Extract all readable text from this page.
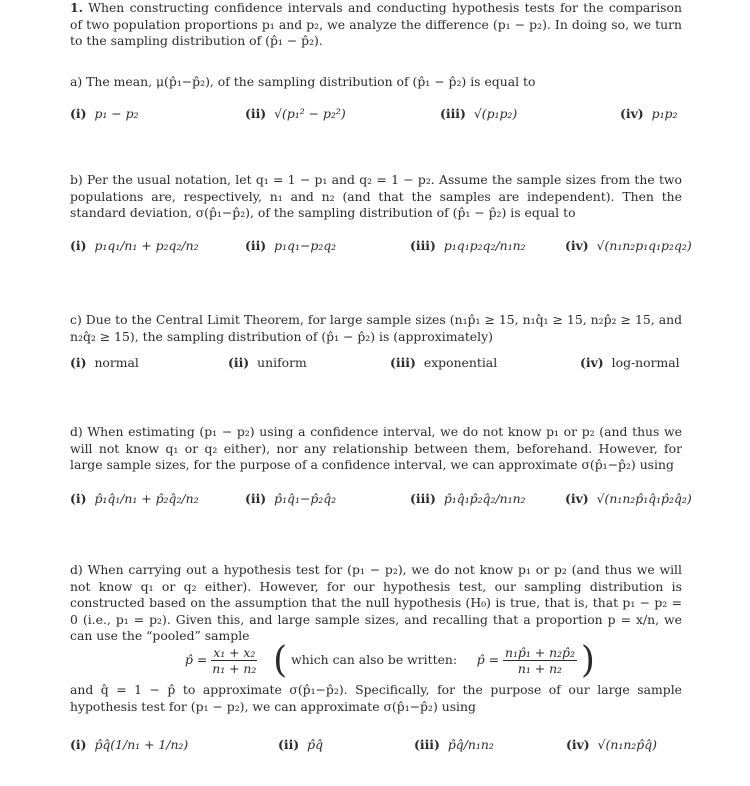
1. When constructing confidence intervals and conducting hypothesis tests for the comparison of two population proportions p₁ and p₂, we analyze the difference (p₁ − p₂). In doing so, we turn to the sampling distribution of (p̂₁ − p̂₂).
a) The mean, μ(p̂₁−p̂₂), of the sampling distribution of (p̂₁ − p̂₂) is equal to
(i) p₁ − p₂	(ii) √(p₁² − p₂²)	(iii) √(p₁p₂)	(iv) p₁p₂
b) Per the usual notation, let q₁ = 1 − p₁ and q₂ = 1 − p₂. Assume the sample sizes from the two populations are, respectively, n₁ and n₂ (and that the samples are independent). Then the standard deviation, σ(p̂₁−p̂₂), of the sampling distribution of (p̂₁ − p̂₂) is equal to
(i) p₁q₁/n₁ + p₂q₂/n₂	(ii) p₁q₁−p₂q₂	(iii) p₁q₁p₂q₂/n₁n₂	(iv) √(n₁n₂p₁q₁p₂q₂)
c) Due to the Central Limit Theorem, for large sample sizes (n₁p̂₁ ≥ 15, n₁q̂₁ ≥ 15, n₂p̂₂ ≥ 15, and n₂q̂₂ ≥ 15), the sampling distribution of (p̂₁ − p̂₂) is (approximately)
(i) normal	(ii) uniform	(iii) exponential	(iv) log-normal
d) When estimating (p₁ − p₂) using a confidence interval, we do not know p₁ or p₂ (and thus we will not know q₁ or q₂ either), nor any relationship between them, beforehand. However, for large sample sizes, for the purpose of a confidence interval, we can approximate σ(p̂₁−p̂₂) using
(i) p̂₁q̂₁/n₁ + p̂₂q̂₂/n₂	(ii) p̂₁q̂₁−p̂₂q̂₂	(iii) p̂₁q̂₁p̂₂q̂₂/n₁n₂	(iv) √(n₁n₂p̂₁q̂₁p̂₂q̂₂)
d) When carrying out a hypothesis test for (p₁ − p₂), we do not know p₁ or p₂ (and thus we will not know q₁ or q₂ either). However, for our hypothesis test, our sampling distribution is constructed based on the assumption that the null hypothesis (H₀) is true, that is, that p₁ − p₂ = 0 (i.e., p₁ = p₂). Given this, and large sample sizes, and recalling that a proportion p = x/n, we can use the “pooled” sample
p̂ = $\frac{\text{x₁ + x₂}}{\text{n₁ + n₂}}$ ( which can also be written: p̂ = $\frac{\text{n₁p̂₁ + n₂p̂₂}}{\text{n₁ + n₂}}$ )
and q̂ = 1 − p̂ to approximate σ(p̂₁−p̂₂). Specifically, for the purpose of our large sample hypothesis test for (p₁ − p₂), we can approximate σ(p̂₁−p̂₂) using
(i) p̂q̂(1/n₁ + 1/n₂)	(ii) p̂q̂	(iii) p̂q̂/n₁n₂	(iv) √(n₁n₂p̂q̂)
